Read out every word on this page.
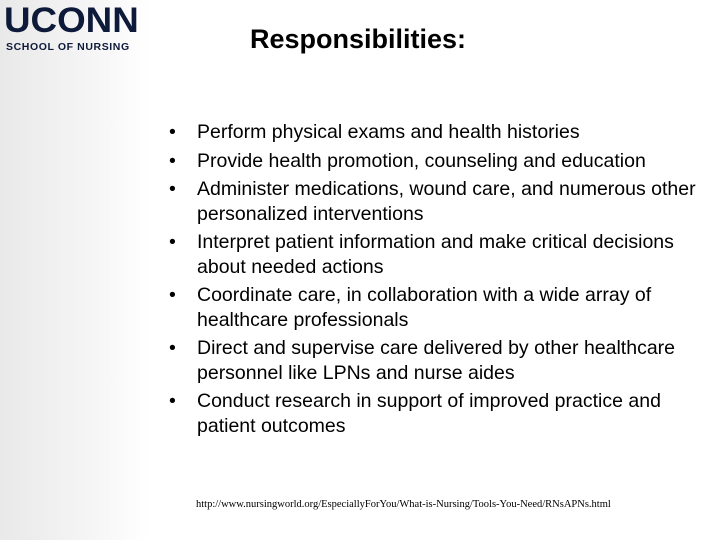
UCONN
SCHOOL OF NURSING	Responsibilities:
• Perform physical exams and health histories
• Provide health promotion, counseling and education
• Administer medications, wound care, and numerous other personalized interventions
• Interpret patient information and make critical decisions about needed actions
• Coordinate care, in collaboration with a wide array of healthcare professionals
• Direct and supervise care delivered by other healthcare personnel like LPNs and nurse aides
• Conduct research in support of improved practice and patient outcomes
http://www.nursingworld.org/EspeciallyForYou/What-is-Nursing/Tools-You-Need/RNsAPNs.html
